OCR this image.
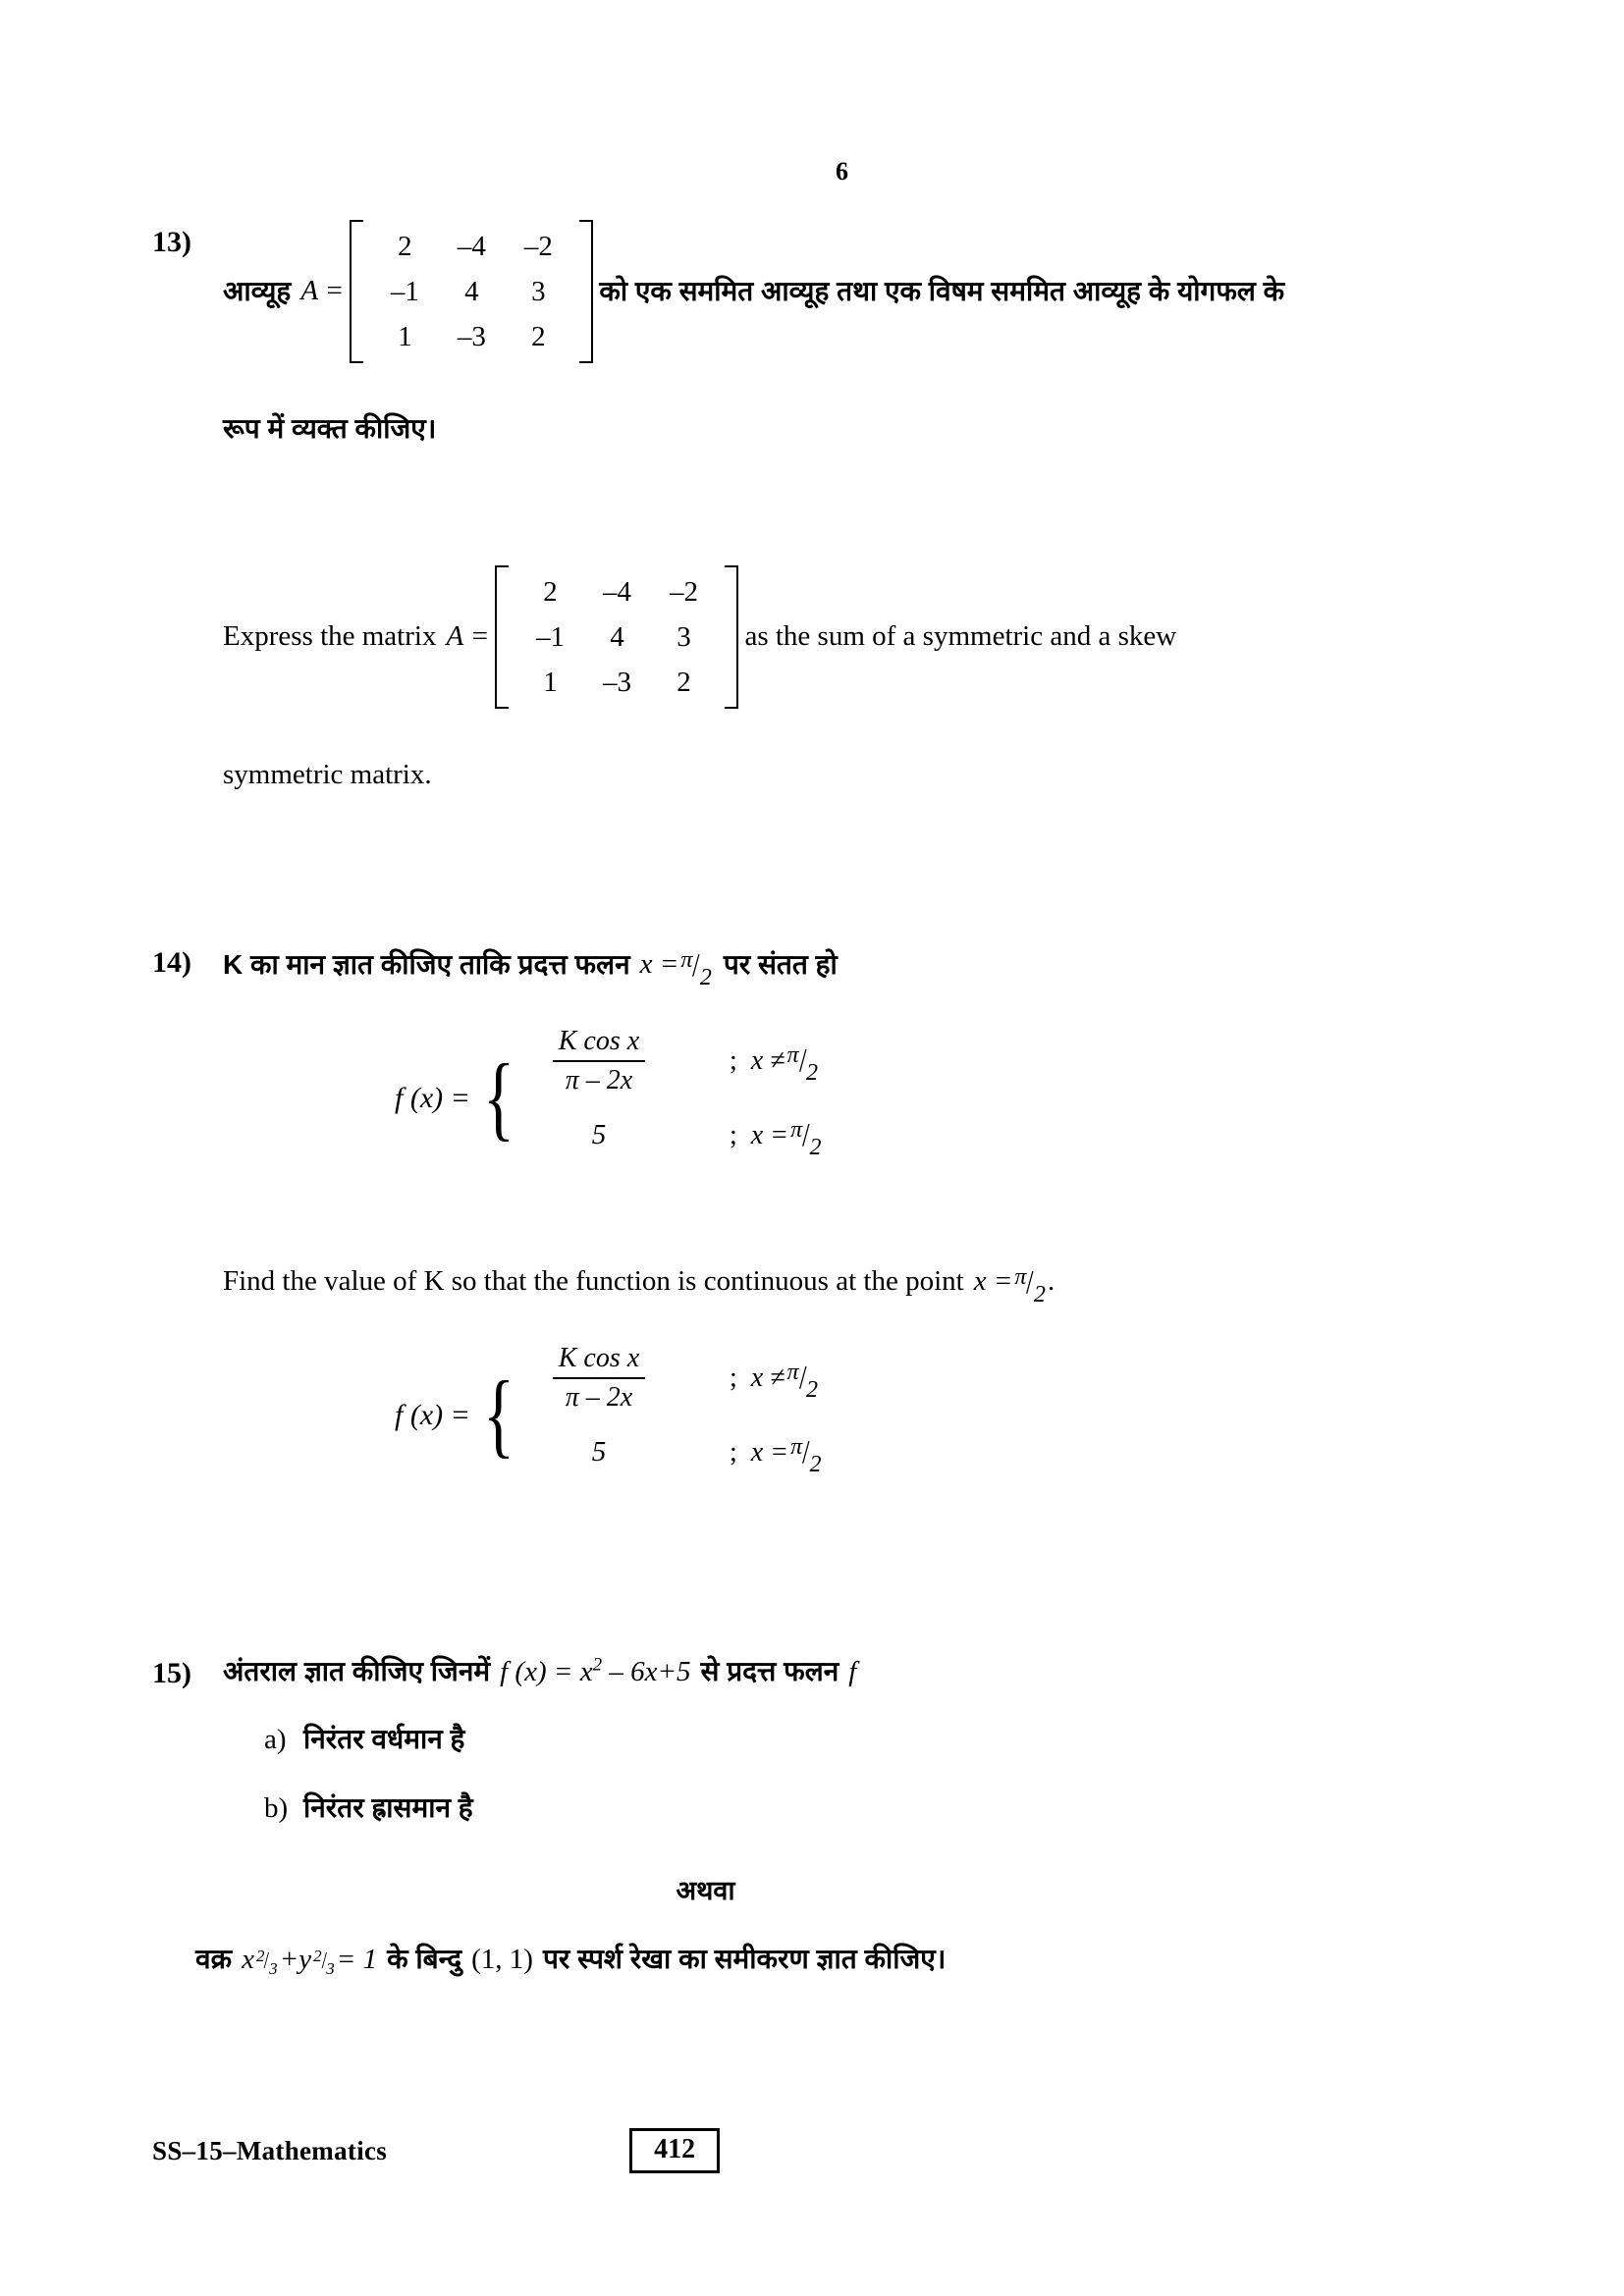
6
13)
आव्यूह A =
2	–4	–2
–1	4	3
1	–3	2
को एक सममित आव्यूह तथा एक विषम सममित आव्यूह के योगफल के
रूप में व्यक्त कीजिए।
Express the matrix A =
2	–4	–2
–1	4	3
1	–3	2
as the sum of a symmetric and a skew
symmetric matrix.
14)	K का मान ज्ञात कीजिए ताकि प्रदत्त फलन $x = ^\pi/_2$ पर संतत हो
f (x) = { $\frac{\text{K cos x}}{\pi - 2x}$	; x ≠ π/2
5	; x = π/2
Find the value of K so that the function is continuous at the point $x = ^\pi/_2$ .
f (x) = { $\frac{\text{K cos x}}{\pi - 2x}$	; x ≠ π/2
5	; x = π/2
15)	अंतराल ज्ञात कीजिए जिनमें f $(x) = x^2 - 6x+5$ से प्रदत्त फलन f
a) निरंतर वर्धमान है
b) निरंतर ह्रासमान है
अथवा
वक्र x 2/3 + y 2/3 = 1 के बिन्दु (1, 1) पर स्पर्श रेखा का समीकरण ज्ञात कीजिए।
SS–15–Mathematics	412
